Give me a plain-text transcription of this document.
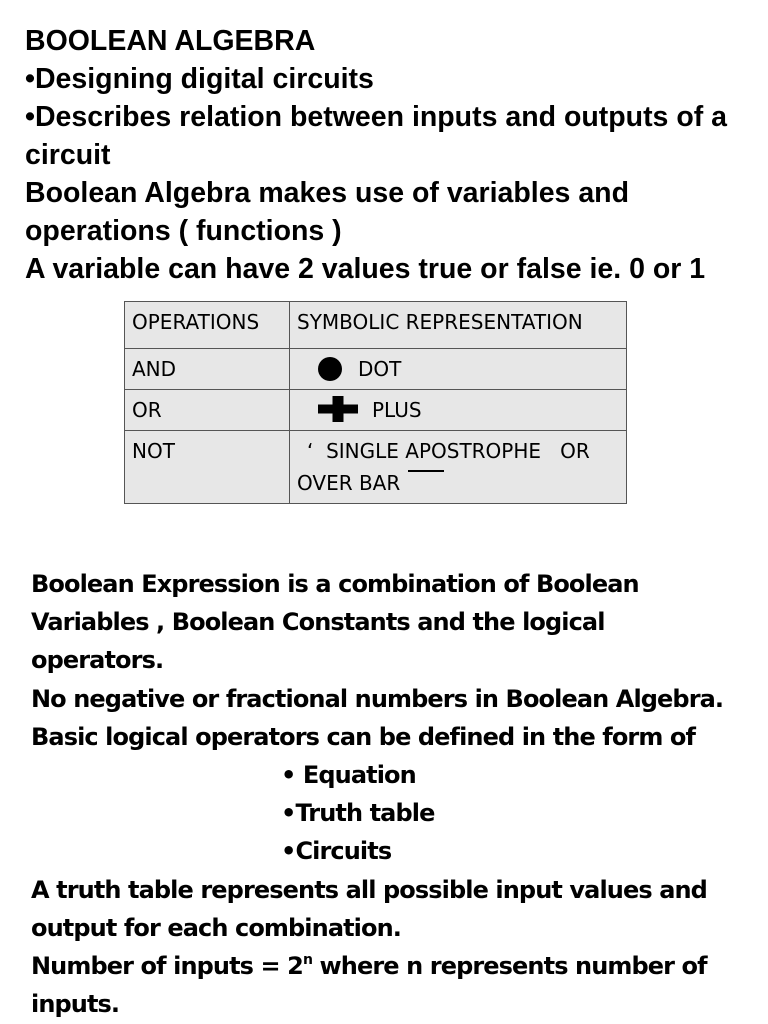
BOOLEAN ALGEBRA

•Designing digital circuits

•Describes relation between inputs and outputs of a circuit

Boolean Algebra makes use of variables and operations ( functions )

A variable can have 2 values true or false ie. 0 or 1

OPERATIONS	SYMBOLIC REPRESENTATION
AND	DOT
OR	PLUS
NOT	‘  SINGLE APOSTROPHE   OR
OVER BAR

Boolean Expression is a combination of Boolean

Variables , Boolean Constants and the logical

operators.

No negative or fractional numbers in Boolean Algebra.

Basic logical operators can be defined in the form of

• Equation

•Truth table

•Circuits

A truth table represents all possible input values and

output for each combination.

Number of inputs = $2^n$ where n represents number of

inputs.
